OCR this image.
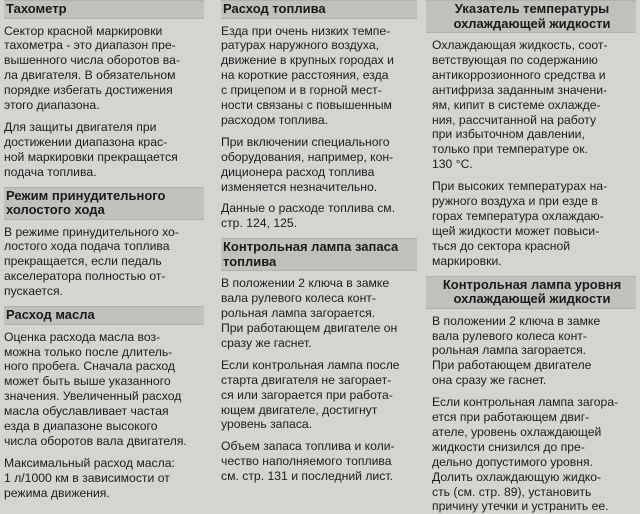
Тахометр
Сектор красной маркировки
тахометра - это диапазон пре-
вышенного числа оборотов ва-
ла двигателя. В обязательном
порядке избегать достижения
этого диапазона.
Для защиты двигателя при
достижении диапазона крас-
ной маркировки прекращается
подача топлива.
Режим принудительного
холостого хода
В режиме принудительного хо-
лостого хода подача топлива
прекращается, если педаль
акселератора полностью от-
пускается.
Расход масла
Оценка расхода масла воз-
можна только после длитель-
ного пробега. Сначала расход
может быть выше указанного
значения. Увеличенный расход
масла обуславливает частая
езда в диапазоне высокого
числа оборотов вала двигателя.
Максимальный расход масла:
1 л/1000 км в зависимости от
режима движения.
Расход топлива
Езда при очень низких темпе-
ратурах наружного воздуха,
движение в крупных городах и
на короткие расстояния, езда
с прицепом и в горной мест-
ности связаны с повышенным
расходом топлива.
При включении специального
оборудования, например, кон-
диционера расход топлива
изменяется незначительно.
Данные о расходе топлива см.
стр. 124, 125.
Контрольная лампа запаса
топлива
В положении 2 ключа в замке
вала рулевого колеса конт-
рольная лампа загорается.
При работающем двигателе он
сразу же гаснет.
Если контрольная лампа после
старта двигателя не загорает-
ся или загорается при работа-
ющем двигателе, достигнут
уровень запаса.
Объем запаса топлива и коли-
чество наполняемого топлива
см. стр. 131 и последний лист.
Указатель температуры
охлаждающей жидкости
Охлаждающая жидкость, соот-
ветствующая по содержанию
антикоррозионного средства и
антифриза заданным значени-
ям, кипит в системе охлажде-
ния, рассчитанной на работу
при избыточном давлении,
только при температуре ок.
130 °C.
При высоких температурах на-
ружного воздуха и при езде в
горах температура охлаждаю-
щей жидкости может повыси-
ться до сектора красной
маркировки.
Контрольная лампа уровня
охлаждающей жидкости
В положении 2 ключа в замке
вала рулевого колеса конт-
рольная лампа загорается.
При работающем двигателе
она сразу же гаснет.
Если контрольная лампа загора-
ется при работающем двиг-
ателе, уровень охлаждающей
жидкости снизился до пре-
дельно допустимого уровня.
Долить охлаждающую жидко-
сть (см. стр. 89), установить
причину утечки и устранить ее.
